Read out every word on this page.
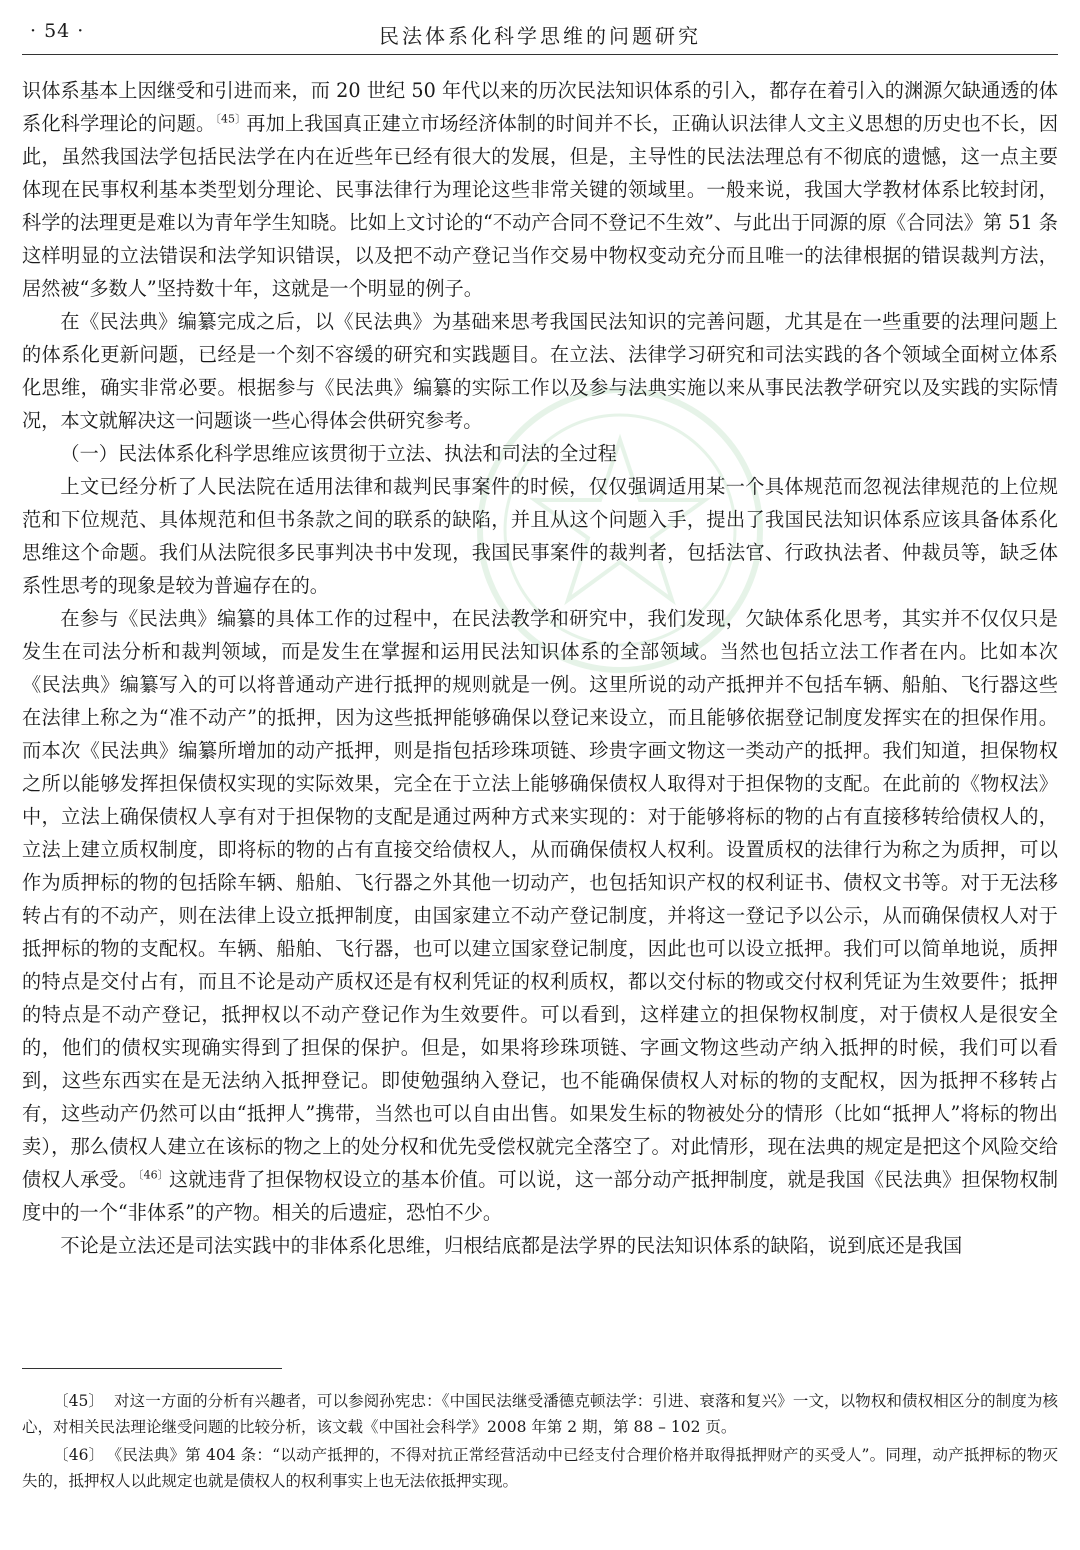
· 54 ·	民法体系化科学思维的问题研究

识体系基本上因继受和引进而来，而 20 世纪 50 年代以来的历次民法知识体系的引入，都存在着引入的渊源欠缺通透的体系化科学理论的问题。$^{〔45〕}$再加上我国真正建立市场经济体制的时间并不长，正确认识法律人文主义思想的历史也不长，因此，虽然我国法学包括民法学在内在近些年已经有很大的发展，但是，主导性的民法法理总有不彻底的遗憾，这一点主要体现在民事权利基本类型划分理论、民事法律行为理论这些非常关键的领域里。一般来说，我国大学教材体系比较封闭，科学的法理更是难以为青年学生知晓。比如上文讨论的“不动产合同不登记不生效”、与此出于同源的原《合同法》第 51 条这样明显的立法错误和法学知识错误，以及把不动产登记当作交易中物权变动充分而且唯一的法律根据的错误裁判方法，居然被“多数人”坚持数十年，这就是一个明显的例子。

在《民法典》编纂完成之后，以《民法典》为基础来思考我国民法知识的完善问题，尤其是在一些重要的法理问题上的体系化更新问题，已经是一个刻不容缓的研究和实践题目。在立法、法律学习研究和司法实践的各个领域全面树立体系化思维，确实非常必要。根据参与《民法典》编纂的实际工作以及参与法典实施以来从事民法教学研究以及实践的实际情况，本文就解决这一问题谈一些心得体会供研究参考。

（一）民法体系化科学思维应该贯彻于立法、执法和司法的全过程

上文已经分析了人民法院在适用法律和裁判民事案件的时候，仅仅强调适用某一个具体规范而忽视法律规范的上位规范和下位规范、具体规范和但书条款之间的联系的缺陷，并且从这个问题入手，提出了我国民法知识体系应该具备体系化思维这个命题。我们从法院很多民事判决书中发现，我国民事案件的裁判者，包括法官、行政执法者、仲裁员等，缺乏体系性思考的现象是较为普遍存在的。

在参与《民法典》编纂的具体工作的过程中，在民法教学和研究中，我们发现，欠缺体系化思考，其实并不仅仅只是发生在司法分析和裁判领域，而是发生在掌握和运用民法知识体系的全部领域。当然也包括立法工作者在内。比如本次《民法典》编纂写入的可以将普通动产进行抵押的规则就是一例。这里所说的动产抵押并不包括车辆、船舶、飞行器这些在法律上称之为“准不动产”的抵押，因为这些抵押能够确保以登记来设立，而且能够依据登记制度发挥实在的担保作用。而本次《民法典》编纂所增加的动产抵押，则是指包括珍珠项链、珍贵字画文物这一类动产的抵押。我们知道，担保物权之所以能够发挥担保债权实现的实际效果，完全在于立法上能够确保债权人取得对于担保物的支配。在此前的《物权法》中，立法上确保债权人享有对于担保物的支配是通过两种方式来实现的：对于能够将标的物的占有直接移转给债权人的，立法上建立质权制度，即将标的物的占有直接交给债权人，从而确保债权人权利。设置质权的法律行为称之为质押，可以作为质押标的物的包括除车辆、船舶、飞行器之外其他一切动产，也包括知识产权的权利证书、债权文书等。对于无法移转占有的不动产，则在法律上设立抵押制度，由国家建立不动产登记制度，并将这一登记予以公示，从而确保债权人对于抵押标的物的支配权。车辆、船舶、飞行器，也可以建立国家登记制度，因此也可以设立抵押。我们可以简单地说，质押的特点是交付占有，而且不论是动产质权还是有权利凭证的权利质权，都以交付标的物或交付权利凭证为生效要件；抵押的特点是不动产登记，抵押权以不动产登记作为生效要件。可以看到，这样建立的担保物权制度，对于债权人是很安全的，他们的债权实现确实得到了担保的保护。但是，如果将珍珠项链、字画文物这些动产纳入抵押的时候，我们可以看到，这些东西实在是无法纳入抵押登记。即使勉强纳入登记，也不能确保债权人对标的物的支配权，因为抵押不移转占有，这些动产仍然可以由“抵押人”携带，当然也可以自由出售。如果发生标的物被处分的情形（比如“抵押人”将标的物出卖），那么债权人建立在该标的物之上的处分权和优先受偿权就完全落空了。对此情形，现在法典的规定是把这个风险交给债权人承受。$^{〔46〕}$这就违背了担保物权设立的基本价值。可以说，这一部分动产抵押制度，就是我国《民法典》担保物权制度中的一个“非体系”的产物。相关的后遗症，恐怕不少。

不论是立法还是司法实践中的非体系化思维，归根结底都是法学界的民法知识体系的缺陷，说到底还是我国

〔45〕 对这一方面的分析有兴趣者，可以参阅孙宪忠：《中国民法继受潘德克顿法学：引进、衰落和复兴》一文，以物权和债权相区分的制度为核心，对相关民法理论继受问题的比较分析，该文载《中国社会科学》2008 年第 2 期，第 88 – 102 页。

〔46〕 《民法典》第 404 条：“以动产抵押的，不得对抗正常经营活动中已经支付合理价格并取得抵押财产的买受人”。同理，动产抵押标的物灭失的，抵押权人以此规定也就是债权人的权利事实上也无法依抵押实现。
